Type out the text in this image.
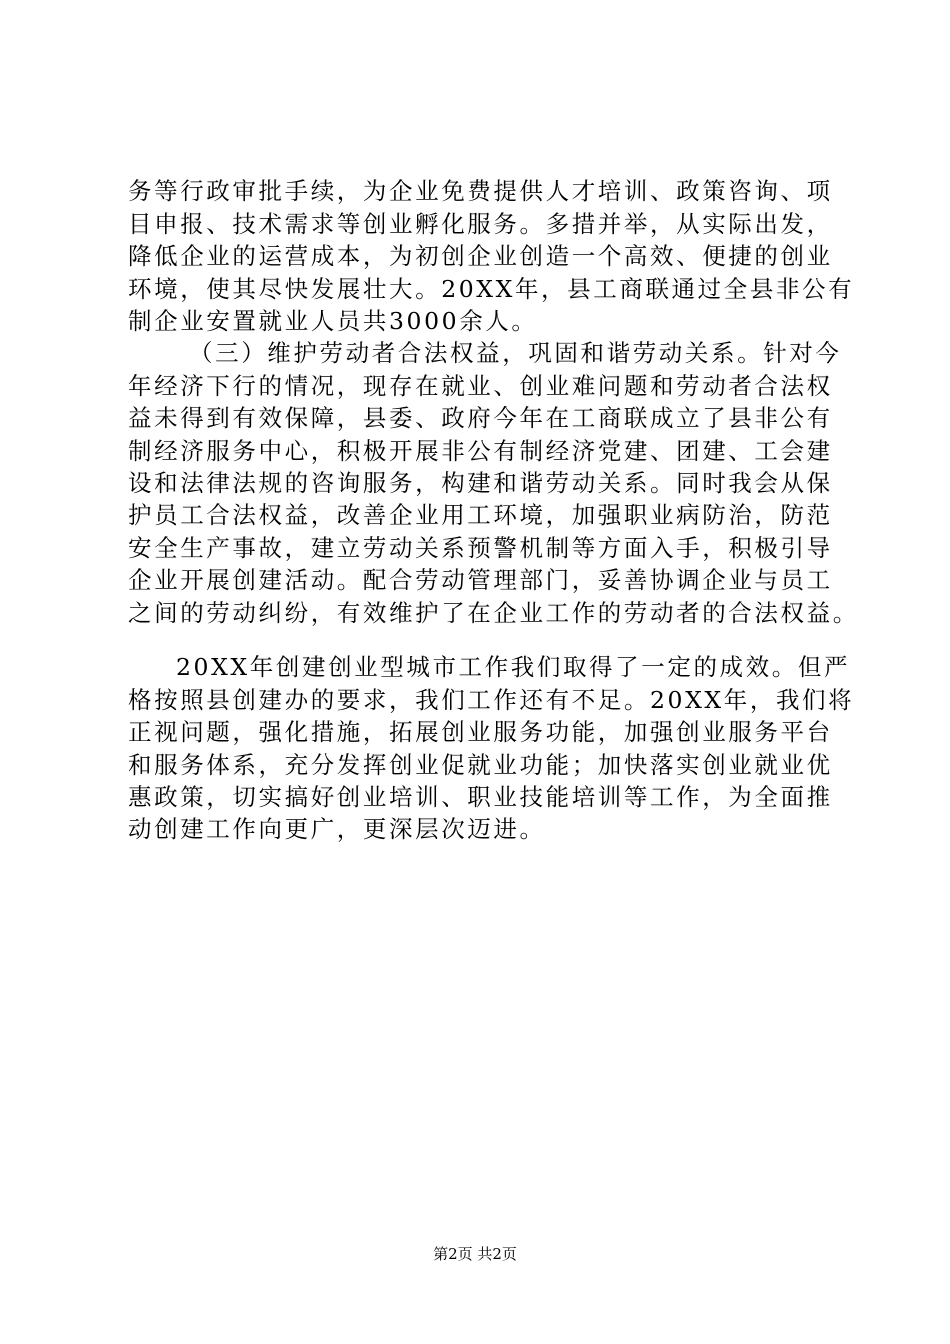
务等行政审批手续，为企业免费提供人才培训、政策咨询、项
目申报、技术需求等创业孵化服务。多措并举，从实际出发，
降低企业的运营成本，为初创企业创造一个高效、便捷的创业
环境，使其尽快发展壮大。20XX年，县工商联通过全县非公有
制企业安置就业人员共3000余人。
（三）维护劳动者合法权益，巩固和谐劳动关系。针对今
年经济下行的情况，现存在就业、创业难问题和劳动者合法权
益未得到有效保障，县委、政府今年在工商联成立了县非公有
制经济服务中心，积极开展非公有制经济党建、团建、工会建
设和法律法规的咨询服务，构建和谐劳动关系。同时我会从保
护员工合法权益，改善企业用工环境，加强职业病防治，防范
安全生产事故，建立劳动关系预警机制等方面入手，积极引导
企业开展创建活动。配合劳动管理部门，妥善协调企业与员工
之间的劳动纠纷，有效维护了在企业工作的劳动者的合法权益。
20XX年创建创业型城市工作我们取得了一定的成效。但严
格按照县创建办的要求，我们工作还有不足。20XX年，我们将
正视问题，强化措施，拓展创业服务功能，加强创业服务平台
和服务体系，充分发挥创业促就业功能；加快落实创业就业优
惠政策，切实搞好创业培训、职业技能培训等工作，为全面推
动创建工作向更广，更深层次迈进。
第2页 共2页
